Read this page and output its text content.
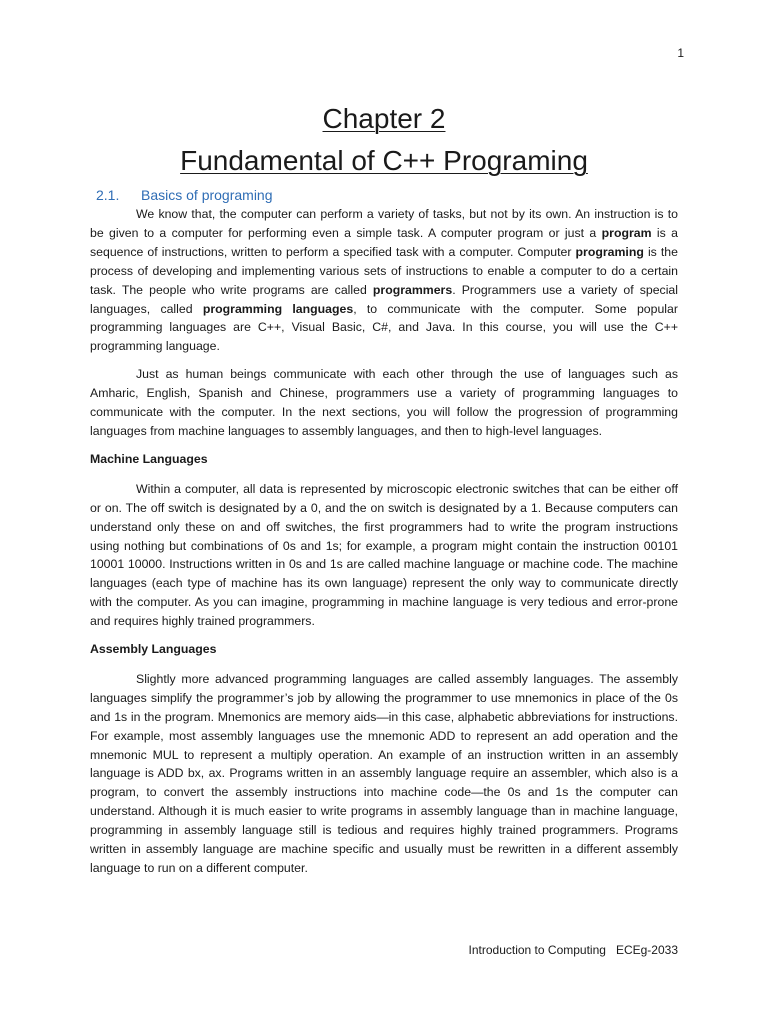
1
Chapter 2
Fundamental of C++ Programing
2.1. Basics of programing

We know that, the computer can perform a variety of tasks, but not by its own. An instruction is to be given to a computer for performing even a simple task. A computer program or just a program is a sequence of instructions, written to perform a specified task with a computer. Computer programing is the process of developing and implementing various sets of instructions to enable a computer to do a certain task. The people who write programs are called programmers. Programmers use a variety of special languages, called programming languages, to communicate with the computer. Some popular programming languages are C++, Visual Basic, C#, and Java. In this course, you will use the C++ programming language.

Just as human beings communicate with each other through the use of languages such as Amharic, English, Spanish and Chinese, programmers use a variety of programming languages to communicate with the computer. In the next sections, you will follow the progression of programming languages from machine languages to assembly languages, and then to high-level languages.

Machine Languages

Within a computer, all data is represented by microscopic electronic switches that can be either off or on. The off switch is designated by a 0, and the on switch is designated by a 1. Because computers can understand only these on and off switches, the first programmers had to write the program instructions using nothing but combinations of 0s and 1s; for example, a program might contain the instruction 00101 10001 10000. Instructions written in 0s and 1s are called machine language or machine code. The machine languages (each type of machine has its own language) represent the only way to communicate directly with the computer. As you can imagine, programming in machine language is very tedious and error-prone and requires highly trained programmers.

Assembly Languages

Slightly more advanced programming languages are called assembly languages. The assembly languages simplify the programmer’s job by allowing the programmer to use mnemonics in place of the 0s and 1s in the program. Mnemonics are memory aids—in this case, alphabetic abbreviations for instructions. For example, most assembly languages use the mnemonic ADD to represent an add operation and the mnemonic MUL to represent a multiply operation. An example of an instruction written in an assembly language is ADD bx, ax. Programs written in an assembly language require an assembler, which also is a program, to convert the assembly instructions into machine code—the 0s and 1s the computer can understand. Although it is much easier to write programs in assembly language than in machine language, programming in assembly language still is tedious and requires highly trained programmers. Programs written in assembly language are machine specific and usually must be rewritten in a different assembly language to run on a different computer.

Introduction to Computing ECEg-2033
